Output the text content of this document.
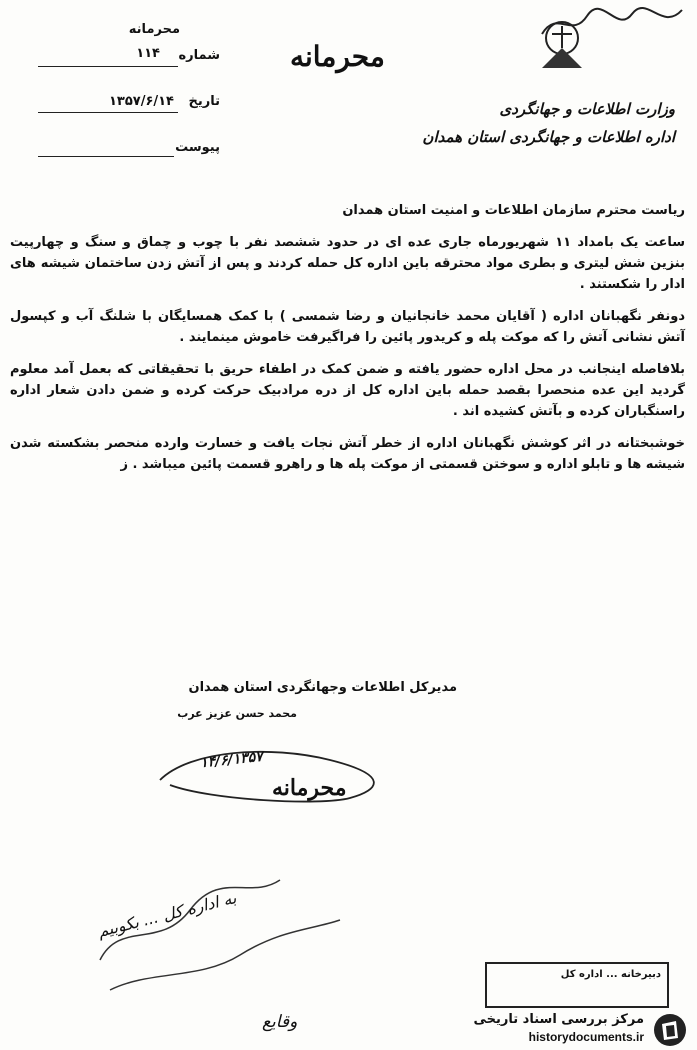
محرمانه
شماره
۱۱۴
تاریخ
۱۳۵۷/۶/۱۴
پیوست
محرمانه
وزارت اطلاعات و جهانگردی
اداره اطلاعات و جهانگردی استان همدان

ریاست محترم سازمان اطلاعات و امنیت استان همدان

ساعت یک بامداد ۱۱ شهریورماه جاری عده ای در حدود ششصد نفر با چوب و چماق و سنگ و چهارپیت بنزین شش لیتری و بطری مواد محترقه باین اداره کل حمله کردند و پس از آتش زدن ساختمان شیشه های ادار را شکستند .

دونفر نگهبانان اداره ( آقایان محمد خانجانیان و رضا شمسی ) با کمک همسایگان با شلنگ آب و کپسول آتش نشانی آتش را که موکت پله و کریدور پائین را فراگیرفت خاموش مینمایند .

بلافاصله اینجانب در محل اداره حضور یافته و ضمن کمک در اطفاء حریق با تحقیقاتی که بعمل آمد معلوم گردید این عده منحصرا بقصد حمله باین اداره کل از دره مرادبیک حرکت کرده و ضمن دادن شعار اداره راسنگباران کرده و بآتش کشیده اند .

خوشبختانه در اثر کوشش نگهبانان اداره از خطر آتش نجات یافت و خسارت وارده منحصر بشکسته شدن شیشه ها و تابلو اداره و سوختن قسمتی از موکت پله ها و راهرو قسمت پائین میباشد . ز

مدیرکل اطلاعات وجهانگردی استان همدان
محمد حسن عزیز عرب
۱۴/۶/۱۳۵۷
محرمانه
به اداره کل ... بکوبیم
وقایع
دبیرخانه ... اداره کل
مرکز بررسی اسناد تاریخی
historydocuments.ir
